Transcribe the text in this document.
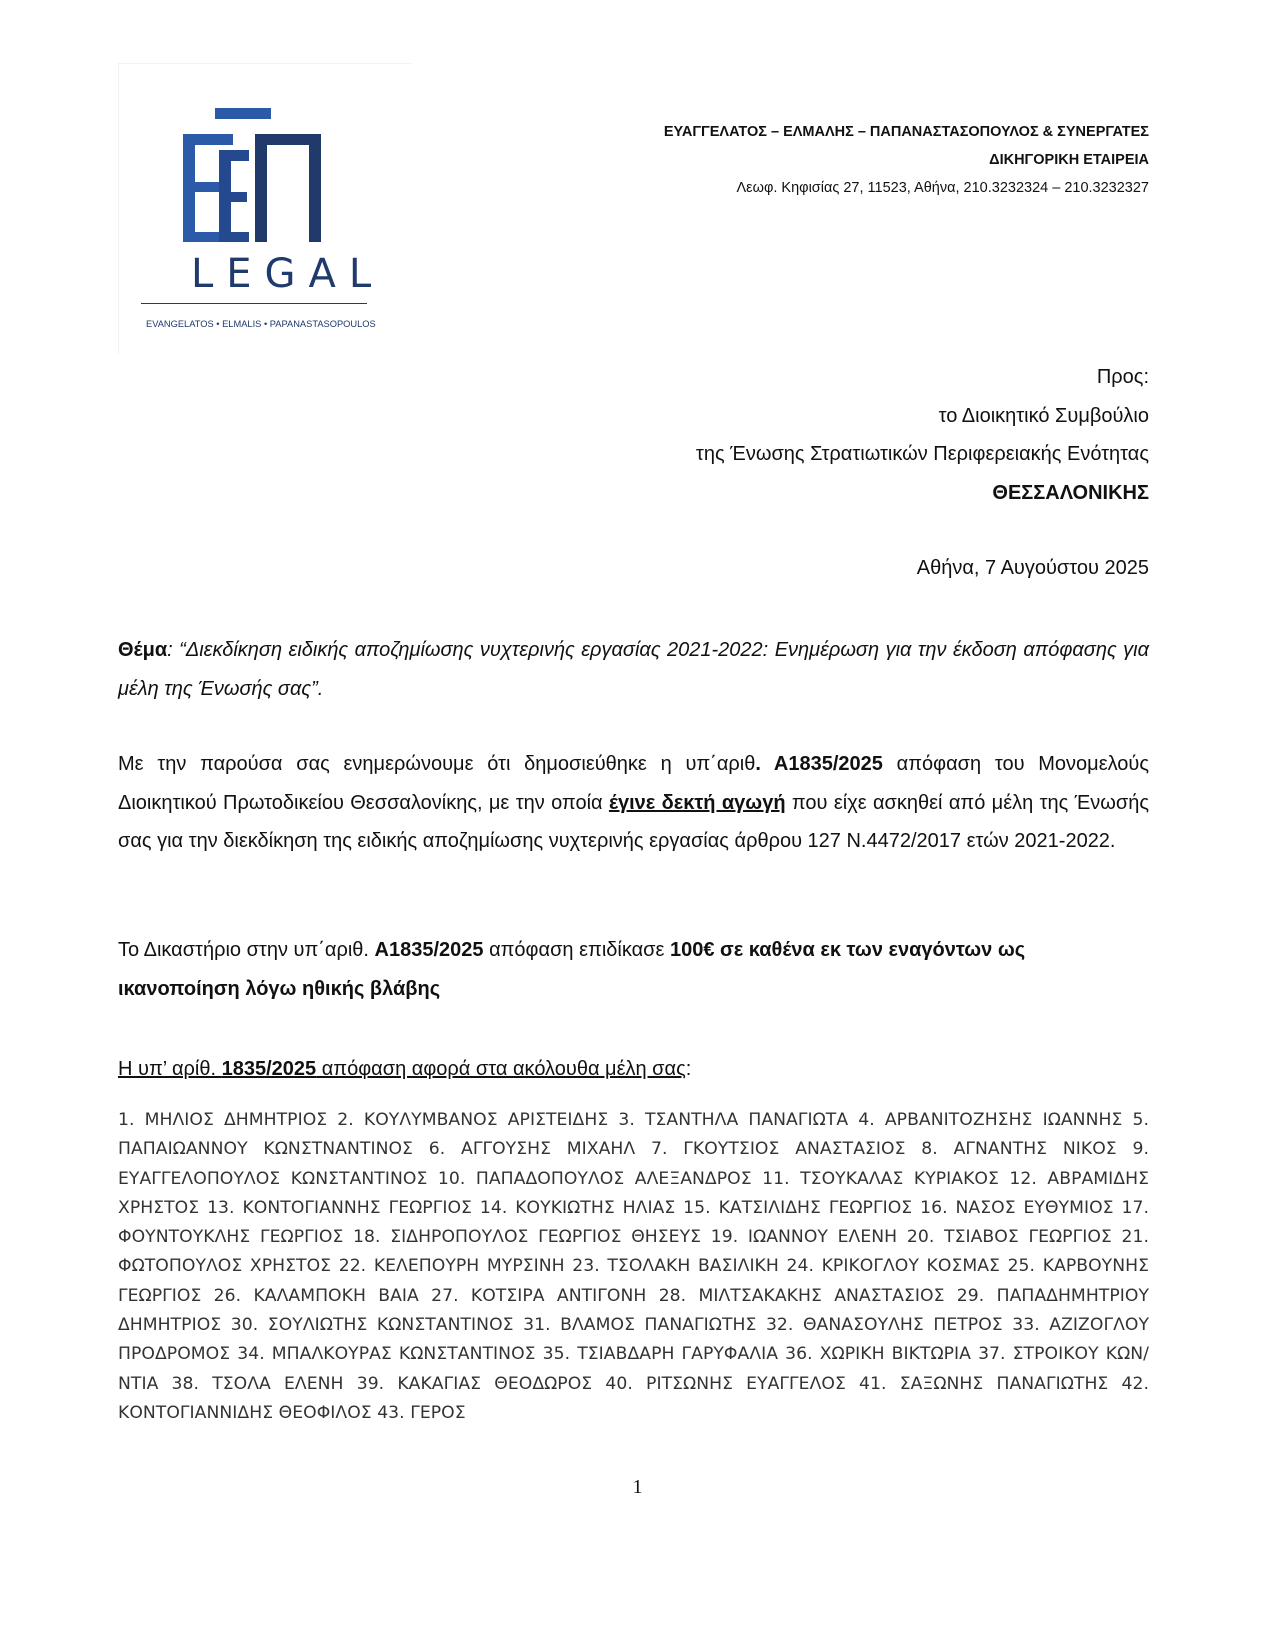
LEGAL
EVANGELATOS • ELMALIS • PAPANASTASOPOULOS
ΕΥΑΓΓΕΛΑΤΟΣ – ΕΛΜΑΛΗΣ – ΠΑΠΑΝΑΣΤΑΣΟΠΟΥΛΟΣ & ΣΥΝΕΡΓΑΤΕΣ
ΔΙΚΗΓΟΡΙΚΗ ΕΤΑΙΡΕΙΑ
Λεωφ. Κηφισίας 27, 11523, Αθήνα, 210.3232324 – 210.3232327
Προς:
το Διοικητικό Συμβούλιο
της Ένωσης Στρατιωτικών Περιφερειακής Ενότητας
ΘΕΣΣΑΛΟΝΙΚΗΣ
Αθήνα, 7 Αυγούστου 2025
Θέμα: “Διεκδίκηση ειδικής αποζημίωσης νυχτερινής εργασίας 2021-2022: Ενημέρωση για την έκδοση απόφασης για μέλη της Ένωσής σας”.
Με την παρούσα σας ενημερώνουμε ότι δημοσιεύθηκε η υπ΄αριθ. Α1835/2025 απόφαση του Μονομελούς Διοικητικού Πρωτοδικείου Θεσσαλονίκης, με την οποία έγινε δεκτή αγωγή που είχε ασκηθεί από μέλη της Ένωσής σας για την διεκδίκηση της ειδικής αποζημίωσης νυχτερινής εργασίας άρθρου 127 Ν.4472/2017 ετών 2021-2022.
Το Δικαστήριο στην υπ΄αριθ. Α1835/2025 απόφαση επιδίκασε 100€ σε καθένα εκ των εναγόντων ως ικανοποίηση λόγω ηθικής βλάβης
Η υπ’ αρίθ. 1835/2025 απόφαση αφορά στα ακόλουθα μέλη σας:
1. ΜΗΛΙΟΣ ΔΗΜΗΤΡΙΟΣ 2. ΚΟΥΛΥΜΒΑΝΟΣ ΑΡΙΣΤΕΙΔΗΣ 3. ΤΣΑΝΤΗΛΑ ΠΑΝΑΓΙΩΤΑ 4. ΑΡΒΑΝΙΤΟΖΗΣΗΣ ΙΩΑΝΝΗΣ 5. ΠΑΠΑΙΩΑΝΝΟΥ ΚΩΝΣΤΝΑΝΤΙΝΟΣ 6. ΑΓΓΟΥΣΗΣ ΜΙΧΑΗΛ 7. ΓΚΟΥΤΣΙΟΣ ΑΝΑΣΤΑΣΙΟΣ 8. ΑΓΝΑΝΤΗΣ ΝΙΚΟΣ 9. ΕΥΑΓΓΕΛΟΠΟΥΛΟΣ ΚΩΝΣΤΑΝΤΙΝΟΣ 10. ΠΑΠΑΔΟΠΟΥΛΟΣ ΑΛΕΞΑΝΔΡΟΣ 11. ΤΣΟΥΚΑΛΑΣ ΚΥΡΙΑΚΟΣ 12. ΑΒΡΑΜΙΔΗΣ ΧΡΗΣΤΟΣ 13. ΚΟΝΤΟΓΙΑΝΝΗΣ ΓΕΩΡΓΙΟΣ 14. ΚΟΥΚΙΩΤΗΣ ΗΛΙΑΣ 15. ΚΑΤΣΙΛΙΔΗΣ ΓΕΩΡΓΙΟΣ 16. ΝΑΣΟΣ ΕΥΘΥΜΙΟΣ 17. ΦΟΥΝΤΟΥΚΛΗΣ ΓΕΩΡΓΙΟΣ 18. ΣΙΔΗΡΟΠΟΥΛΟΣ ΓΕΩΡΓΙΟΣ ΘΗΣΕΥΣ 19. ΙΩΑΝΝΟΥ ΕΛΕΝΗ 20. ΤΣΙΑΒΟΣ ΓΕΩΡΓΙΟΣ 21. ΦΩΤΟΠΟΥΛΟΣ ΧΡΗΣΤΟΣ 22. ΚΕΛΕΠΟΥΡΗ ΜΥΡΣΙΝΗ 23. ΤΣΟΛΑΚΗ ΒΑΣΙΛΙΚΗ 24. ΚΡΙΚΟΓΛΟΥ ΚΟΣΜΑΣ 25. ΚΑΡΒΟΥΝΗΣ ΓΕΩΡΓΙΟΣ 26. ΚΑΛΑΜΠΟΚΗ ΒΑΙΑ 27. ΚΟΤΣΙΡΑ ΑΝΤΙΓΟΝΗ 28. ΜΙΛΤΣΑΚΑΚΗΣ ΑΝΑΣΤΑΣΙΟΣ 29. ΠΑΠΑΔΗΜΗΤΡΙΟΥ ΔΗΜΗΤΡΙΟΣ 30. ΣΟΥΛΙΩΤΗΣ ΚΩΝΣΤΑΝΤΙΝΟΣ 31. ΒΛΑΜΟΣ ΠΑΝΑΓΙΩΤΗΣ 32. ΘΑΝΑΣΟΥΛΗΣ ΠΕΤΡΟΣ 33. ΑΖΙΖΟΓΛΟΥ ΠΡΟΔΡΟΜΟΣ 34. ΜΠΑΛΚΟΥΡΑΣ ΚΩΝΣΤΑΝΤΙΝΟΣ 35. ΤΣΙΑΒΔΑΡΗ ΓΑΡΥΦΑΛΙΑ 36. ΧΩΡΙΚΗ ΒΙΚΤΩΡΙΑ 37. ΣΤΡΟΙΚΟΥ ΚΩΝ/ΝΤΙΑ 38. ΤΣΟΛΑ ΕΛΕΝΗ 39. ΚΑΚΑΓΙΑΣ ΘΕΟΔΩΡΟΣ 40. ΡΙΤΣΩΝΗΣ ΕΥΑΓΓΕΛΟΣ 41. ΣΑΞΩΝΗΣ ΠΑΝΑΓΙΩΤΗΣ 42. ΚΟΝΤΟΓΙΑΝΝΙΔΗΣ ΘΕΟΦΙΛΟΣ 43. ΓΕΡΟΣ
1
